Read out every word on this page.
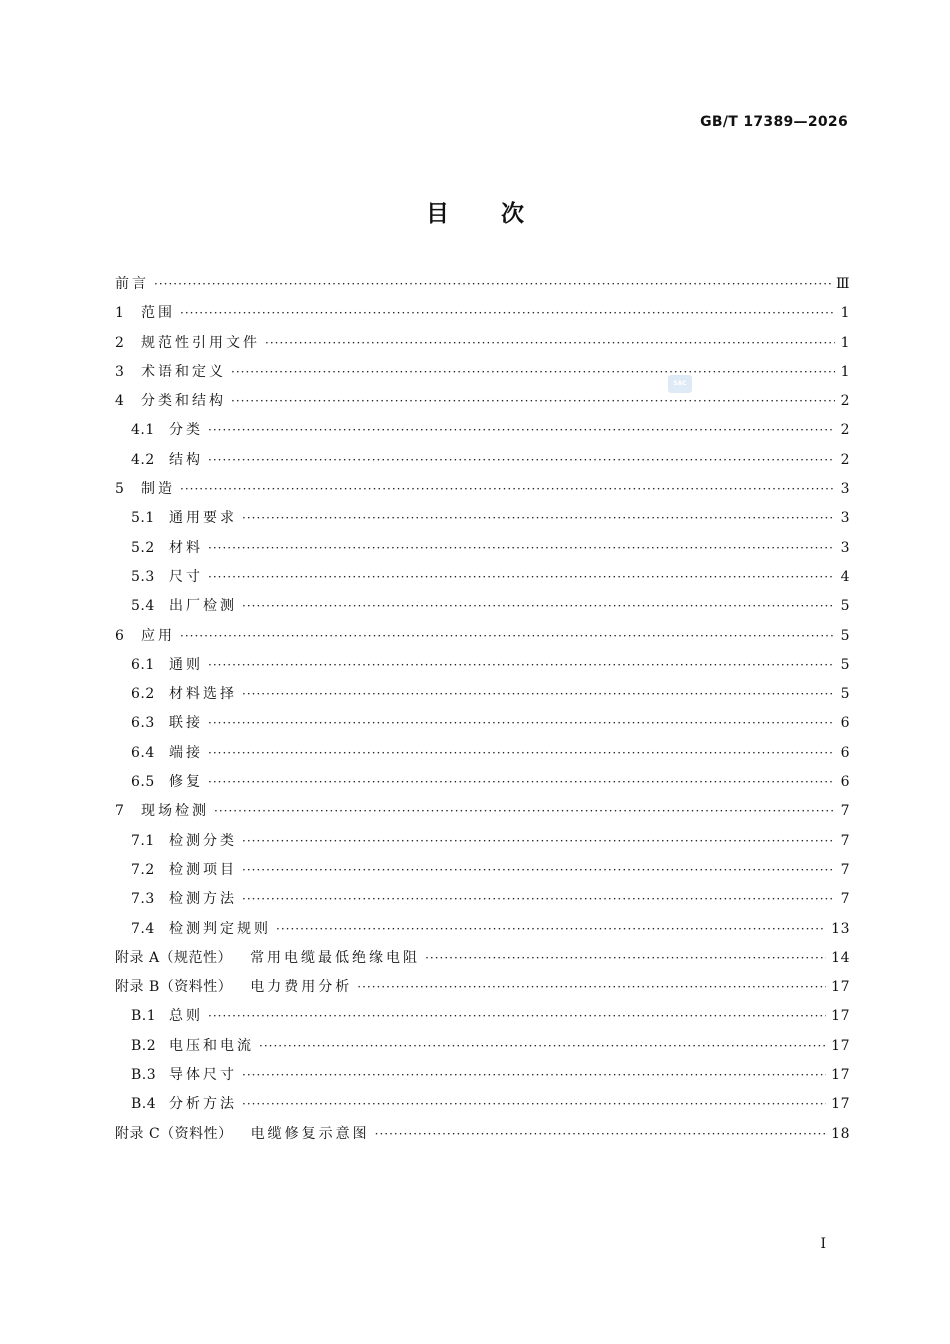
GB/T 17389—2026
目 次
SAC
前言 ·····	Ⅲ
1	范围 ·····	1
2	规范性引用文件 ·····	1
3	术语和定义 ·····	1
4	分类和结构 ·····	2
4.1	分类 ·····	2
4.2	结构 ·····	2
5	制造 ·····	3
5.1	通用要求 ·····	3
5.2	材料 ·····	3
5.3	尺寸 ·····	4
5.4	出厂检测 ·····	5
6	应用 ·····	5
6.1	通则 ·····	5
6.2	材料选择 ·····	5
6.3	联接 ·····	6
6.4	端接 ·····	6
6.5	修复 ·····	6
7	现场检测 ·····	7
7.1	检测分类 ·····	7
7.2	检测项目 ·····	7
7.3	检测方法 ·····	7
7.4	检测判定规则 ·····	13
附录 A（规范性） 常用电缆最低绝缘电阻 ·····	14
附录 B（资料性） 电力费用分析 ·····	17
B.1 总则 ·····	17
B.2 电压和电流 ·····	17
B.3 导体尺寸 ·····	17
B.4 分析方法 ·····	17
附录 C（资料性） 电缆修复示意图 ·····	18
Ⅰ
